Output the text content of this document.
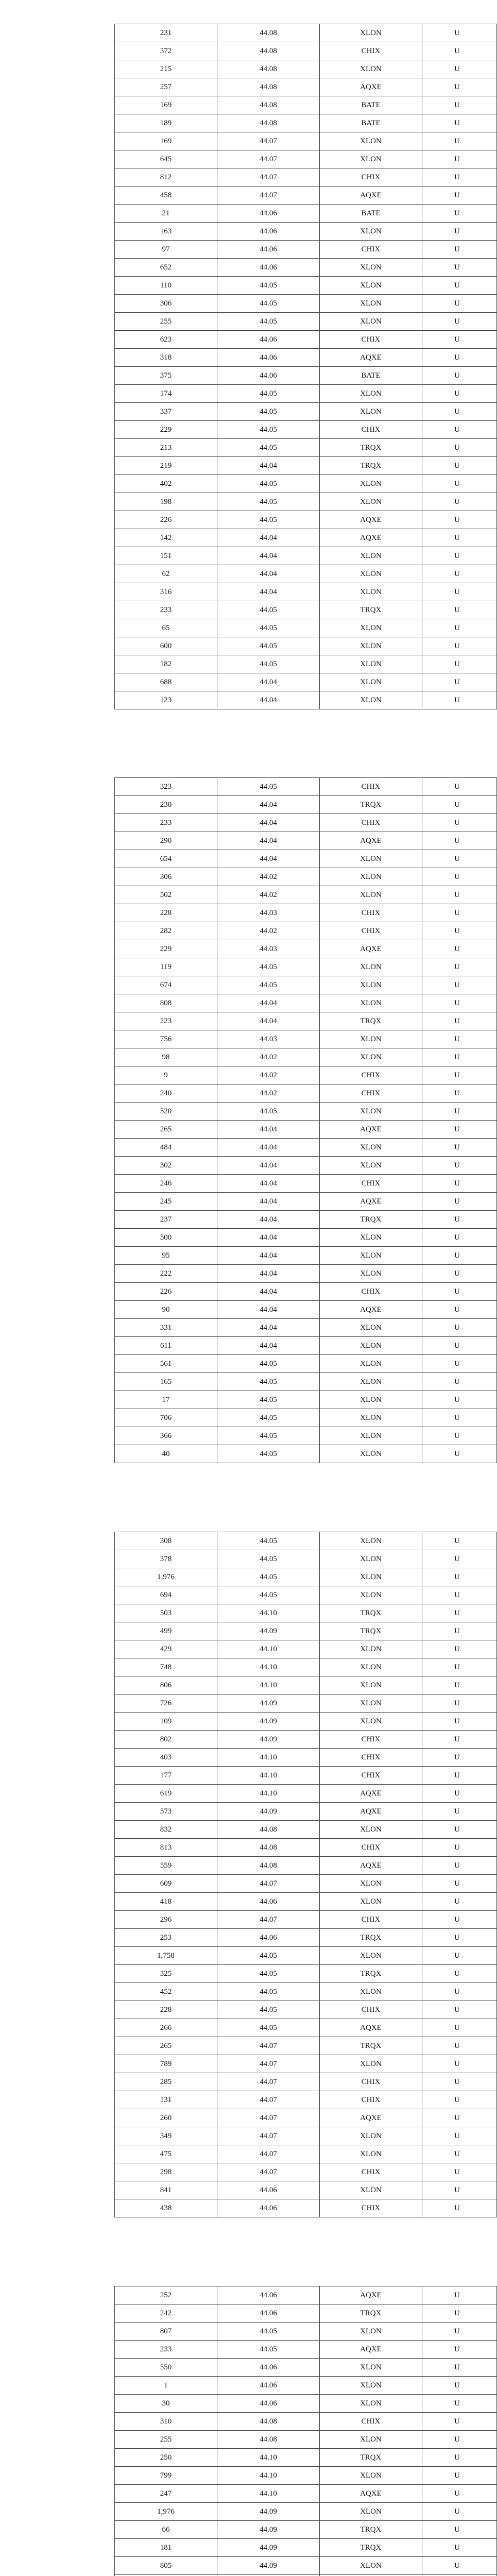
231	44.08	XLON	U
372	44.08	CHIX	U
215	44.08	XLON	U
257	44.08	AQXE	U
169	44.08	BATE	U
189	44.08	BATE	U
169	44.07	XLON	U
645	44.07	XLON	U
812	44.07	CHIX	U
458	44.07	AQXE	U
21	44.06	BATE	U
163	44.06	XLON	U
97	44.06	CHIX	U
652	44.06	XLON	U
110	44.05	XLON	U
306	44.05	XLON	U
255	44.05	XLON	U
623	44.06	CHIX	U
318	44.06	AQXE	U
375	44.06	BATE	U
174	44.05	XLON	U
337	44.05	XLON	U
229	44.05	CHIX	U
213	44.05	TRQX	U
219	44.04	TRQX	U
402	44.05	XLON	U
198	44.05	XLON	U
226	44.05	AQXE	U
142	44.04	AQXE	U
151	44.04	XLON	U
62	44.04	XLON	U
316	44.04	XLON	U
233	44.05	TRQX	U
65	44.05	XLON	U
600	44.05	XLON	U
182	44.05	XLON	U
688	44.04	XLON	U
123	44.04	XLON	U
323	44.05	CHIX	U
230	44.04	TRQX	U
233	44.04	CHIX	U
290	44.04	AQXE	U
654	44.04	XLON	U
306	44.02	XLON	U
502	44.02	XLON	U
228	44.03	CHIX	U
282	44.02	CHIX	U
229	44.03	AQXE	U
119	44.05	XLON	U
674	44.05	XLON	U
808	44.04	XLON	U
223	44.04	TRQX	U
756	44.03	XLON	U
98	44.02	XLON	U
9	44.02	CHIX	U
240	44.02	CHIX	U
520	44.05	XLON	U
265	44.04	AQXE	U
484	44.04	XLON	U
302	44.04	XLON	U
246	44.04	CHIX	U
245	44.04	AQXE	U
237	44.04	TRQX	U
500	44.04	XLON	U
95	44.04	XLON	U
222	44.04	XLON	U
226	44.04	CHIX	U
90	44.04	AQXE	U
331	44.04	XLON	U
611	44.04	XLON	U
561	44.05	XLON	U
165	44.05	XLON	U
17	44.05	XLON	U
706	44.05	XLON	U
366	44.05	XLON	U
40	44.05	XLON	U
308	44.05	XLON	U
378	44.05	XLON	U
1,976	44.05	XLON	U
694	44.05	XLON	U
503	44.10	TRQX	U
499	44.09	TRQX	U
429	44.10	XLON	U
748	44.10	XLON	U
806	44.10	XLON	U
726	44.09	XLON	U
109	44.09	XLON	U
802	44.09	CHIX	U
403	44.10	CHIX	U
177	44.10	CHIX	U
619	44.10	AQXE	U
573	44.09	AQXE	U
832	44.08	XLON	U
813	44.08	CHIX	U
559	44.08	AQXE	U
609	44.07	XLON	U
418	44.06	XLON	U
296	44.07	CHIX	U
253	44.06	TRQX	U
1,758	44.05	XLON	U
325	44.05	TRQX	U
452	44.05	XLON	U
228	44.05	CHIX	U
266	44.05	AQXE	U
265	44.07	TRQX	U
789	44.07	XLON	U
285	44.07	CHIX	U
131	44.07	CHIX	U
260	44.07	AQXE	U
349	44.07	XLON	U
475	44.07	XLON	U
298	44.07	CHIX	U
841	44.06	XLON	U
438	44.06	CHIX	U
252	44.06	AQXE	U
242	44.06	TRQX	U
807	44.05	XLON	U
233	44.05	AQXE	U
550	44.06	XLON	U
1	44.06	XLON	U
30	44.06	XLON	U
310	44.08	CHIX	U
255	44.08	XLON	U
250	44.10	TRQX	U
799	44.10	XLON	U
247	44.10	AQXE	U
1,976	44.09	XLON	U
66	44.09	TRQX	U
181	44.09	TRQX	U
805	44.09	XLON	U
